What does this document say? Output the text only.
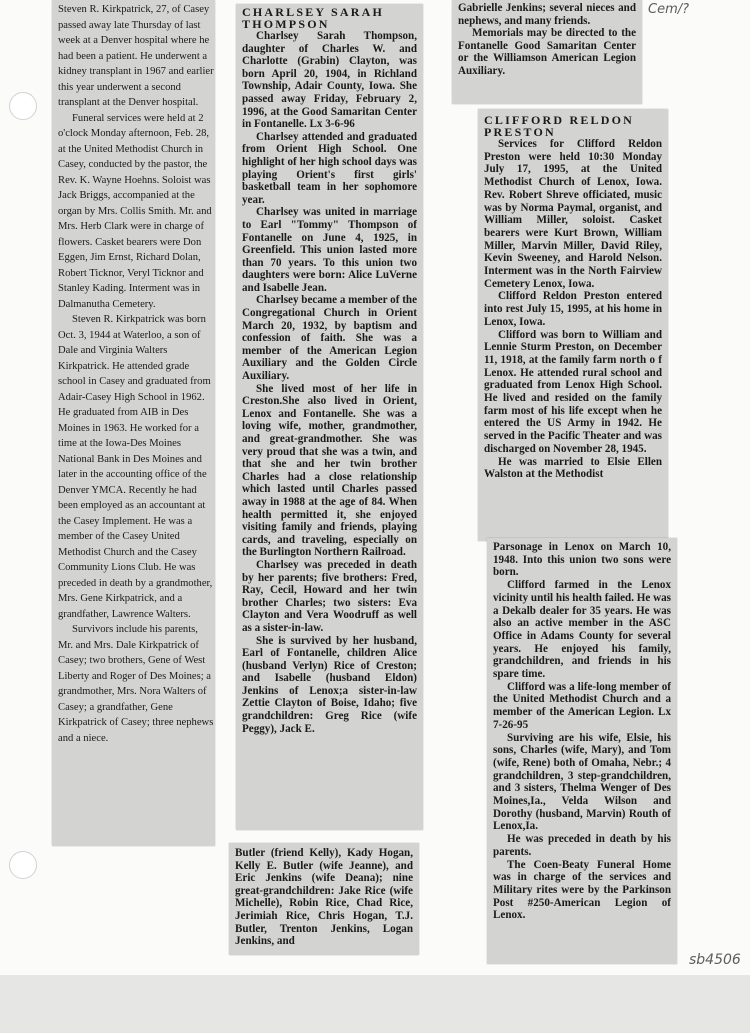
Steven R. Kirkpatrick, 27, of Casey passed away late Thursday of last week at a Denver hospital where he had been a patient. He underwent a kidney transplant in 1967 and earlier this year underwent a second transplant at the Denver hospital.

Funeral services were held at 2 o'clock Monday afternoon, Feb. 28, at the United Methodist Church in Casey, conducted by the pastor, the Rev. K. Wayne Hoehns. Soloist was Jack Briggs, accompanied at the organ by Mrs. Collis Smith. Mr. and Mrs. Herb Clark were in charge of flowers. Casket bearers were Don Eggen, Jim Ernst, Richard Dolan, Robert Ticknor, Veryl Ticknor and Stanley Kading. Interment was in Dalmanutha Cemetery.

Steven R. Kirkpatrick was born Oct. 3, 1944 at Waterloo, a son of Dale and Virginia Walters Kirkpatrick. He attended grade school in Casey and graduated from Adair-Casey High School in 1962. He graduated from AIB in Des Moines in 1963. He worked for a time at the Iowa-Des Moines National Bank in Des Moines and later in the accounting office of the Denver YMCA. Recently he had been employed as an accountant at the Casey Implement. He was a member of the Casey United Methodist Church and the Casey Community Lions Club. He was preceded in death by a grandmother, Mrs. Gene Kirkpatrick, and a grandfather, Lawrence Walters.

Survivors include his parents, Mr. and Mrs. Dale Kirkpatrick of Casey; two brothers, Gene of West Liberty and Roger of Des Moines; a grandmother, Mrs. Nora Walters of Casey; a grandfather, Gene Kirkpatrick of Casey; three nephews and a niece.

CHARLSEY SARAH
THOMPSON

Charlsey Sarah Thompson, daughter of Charles W. and Charlotte (Grabin) Clayton, was born April 20, 1904, in Richland Township, Adair County, Iowa. She passed away Friday, February 2, 1996, at the Good Samaritan Center in Fontanelle. Lx 3-6-96

Charlsey attended and graduated from Orient High School. One highlight of her high school days was playing Orient's first girls' basketball team in her sophomore year.

Charlsey was united in marriage to Earl "Tommy" Thompson of Fontanelle on June 4, 1925, in Greenfield. This union lasted more than 70 years. To this union two daughters were born: Alice LuVerne and Isabelle Jean.

Charlsey became a member of the Congregational Church in Orient March 20, 1932, by baptism and confession of faith. She was a member of the American Legion Auxiliary and the Golden Circle Auxiliary.

She lived most of her life in Creston.She also lived in Orient, Lenox and Fontanelle. She was a loving wife, mother, grandmother, and great-grandmother. She was very proud that she was a twin, and that she and her twin brother Charles had a close relationship which lasted until Charles passed away in 1988 at the age of 84. When health permitted it, she enjoyed visiting family and friends, playing cards, and traveling, especially on the Burlington Northern Railroad.

Charlsey was preceded in death by her parents; five brothers: Fred, Ray, Cecil, Howard and her twin brother Charles; two sisters: Eva Clayton and Vera Woodruff as well as a sister-in-law.

She is survived by her husband, Earl of Fontanelle, children Alice (husband Verlyn) Rice of Creston; and Isabelle (husband Eldon) Jenkins of Lenox;a sister-in-law Zettie Clayton of Boise, Idaho; five grandchildren: Greg Rice (wife Peggy), Jack E.

Butler (friend Kelly), Kady Hogan, Kelly E. Butler (wife Jeanne), and Eric Jenkins (wife Deana); nine great-grandchildren: Jake Rice (wife Michelle), Robin Rice, Chad Rice, Jerimiah Rice, Chris Hogan, T.J. Butler, Trenton Jenkins, Logan Jenkins, and

Gabrielle Jenkins; several nieces and nephews, and many friends.

Memorials may be directed to the Fontanelle Good Samaritan Center or the Williamson American Legion Auxiliary.

CLIFFORD RELDON
PRESTON

Services for Clifford Reldon Preston were held 10:30 Monday July 17, 1995, at the United Methodist Church of Lenox, Iowa. Rev. Robert Shreve officiated, music was by Norma Paymal, organist, and William Miller, soloist. Casket bearers were Kurt Brown, William Miller, Marvin Miller, David Riley, Kevin Sweeney, and Harold Nelson. Interment was in the North Fairview Cemetery Lenox, Iowa.

Clifford Reldon Preston entered into rest July 15, 1995, at his home in Lenox, Iowa.

Clifford was born to William and Lennie Sturm Preston, on December 11, 1918, at the family farm north o f Lenox. He attended rural school and graduated from Lenox High School. He lived and resided on the family farm most of his life except when he entered the US Army in 1942. He served in the Pacific Theater and was discharged on November 28, 1945.

He was married to Elsie Ellen Walston at the Methodist

Parsonage in Lenox on March 10, 1948. Into this union two sons were born.

Clifford farmed in the Lenox vicinity until his health failed. He was a Dekalb dealer for 35 years. He was also an active member in the ASC Office in Adams County for several years. He enjoyed his family, grandchildren, and friends in his spare time.

Clifford was a life-long member of the United Methodist Church and a member of the American Legion. Lx 7-26-95

Surviving are his wife, Elsie, his sons, Charles (wife, Mary), and Tom (wife, Rene) both of Omaha, Nebr.; 4 grandchildren, 3 step-grandchildren, and 3 sisters, Thelma Wenger of Des Moines,Ia., Velda Wilson and Dorothy (husband, Marvin) Routh of Lenox,Ia.

He was preceded in death by his parents.

The Coen-Beaty Funeral Home was in charge of the services and Military rites were by the Parkinson Post #250-American Legion of Lenox.

Cem/?
sb4506
